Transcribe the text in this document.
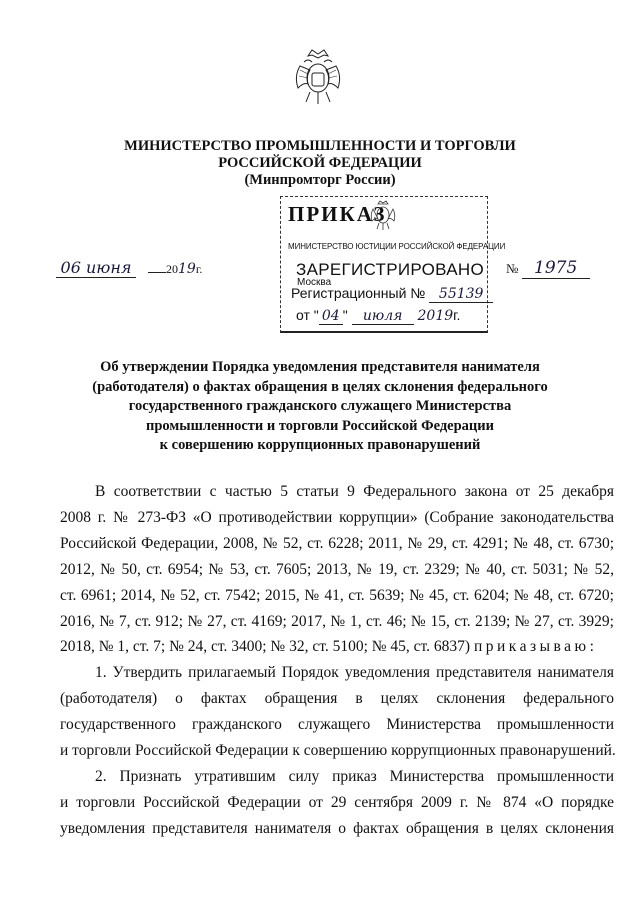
МИНИСТЕРСТВО ПРОМЫШЛЕННОСТИ И ТОРГОВЛИ
РОССИЙСКОЙ ФЕДЕРАЦИИ
(Минпромторг России)
ПРИКАЗ
МИНИСТЕРСТВО ЮСТИЦИИ РОССИЙСКОЙ ФЕДЕРАЦИИ
ЗАРЕГИСТРИРОВАНО
Москва
Регистрационный № 55139
от " 04 " июля 2019г.
06 июня	2019г.	№ 1975
Об утверждении Порядка уведомления представителя нанимателя
(работодателя) о фактах обращения в целях склонения федерального
государственного гражданского служащего Министерства
промышленности и торговли Российской Федерации
к совершению коррупционных правонарушений
В соответствии с частью 5 статьи 9 Федерального закона от 25 декабря
2008 г. № 273-ФЗ «О противодействии коррупции» (Собрание законодательства
Российской Федерации, 2008, № 52, ст. 6228; 2011, № 29, ст. 4291; № 48, ст. 6730;
2012, № 50, ст. 6954; № 53, ст. 7605; 2013, № 19, ст. 2329; № 40, ст. 5031; № 52,
ст. 6961; 2014, № 52, ст. 7542; 2015, № 41, ст. 5639; № 45, ст. 6204; № 48, ст. 6720;
2016, № 7, ст. 912; № 27, ст. 4169; 2017, № 1, ст. 46; № 15, ст. 2139; № 27, ст. 3929;
2018, № 1, ст. 7; № 24, ст. 3400; № 32, ст. 5100; № 45, ст. 6837) приказываю:
1. Утвердить прилагаемый Порядок уведомления представителя нанимателя
(работодателя) о фактах обращения в целях склонения федерального
государственного гражданского служащего Министерства промышленности
и торговли Российской Федерации к совершению коррупционных правонарушений.
2. Признать утратившим силу приказ Министерства промышленности
и торговли Российской Федерации от 29 сентября 2009 г. № 874 «О порядке
уведомления представителя нанимателя о фактах обращения в целях склонения
